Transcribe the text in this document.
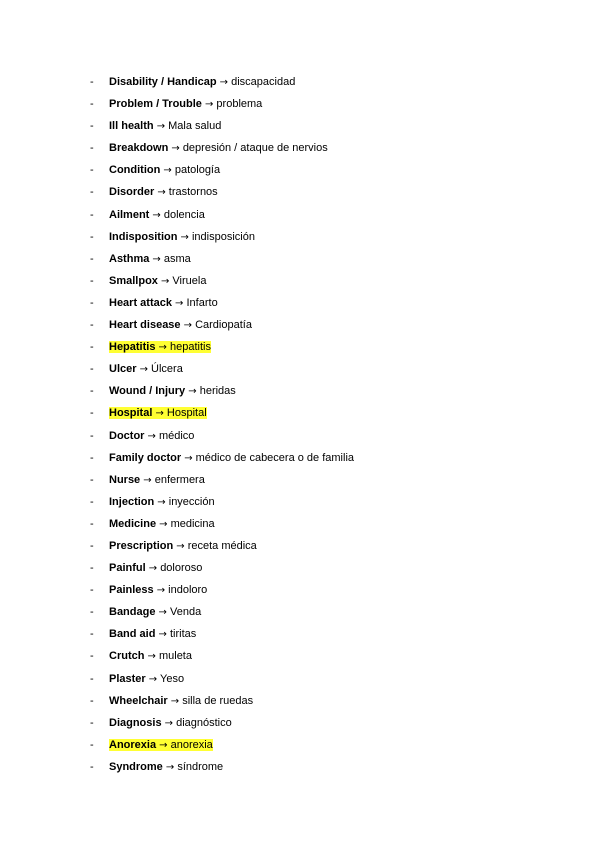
- Disability / Handicap → discapacidad
- Problem / Trouble → problema
- Ill health → Mala salud
- Breakdown → depresión / ataque de nervios
- Condition → patología
- Disorder → trastornos
- Ailment → dolencia
- Indisposition → indisposición
- Asthma → asma
- Smallpox → Viruela
- Heart attack → Infarto
- Heart disease → Cardiopatía
- Hepatitis → hepatitis
- Ulcer → Úlcera
- Wound / Injury → heridas
- Hospital → Hospital
- Doctor → médico
- Family doctor → médico de cabecera o de familia
- Nurse → enfermera
- Injection → inyección
- Medicine → medicina
- Prescription → receta médica
- Painful → doloroso
- Painless → indoloro
- Bandage → Venda
- Band aid → tiritas
- Crutch → muleta
- Plaster → Yeso
- Wheelchair → silla de ruedas
- Diagnosis → diagnóstico
- Anorexia → anorexia
- Syndrome → síndrome
